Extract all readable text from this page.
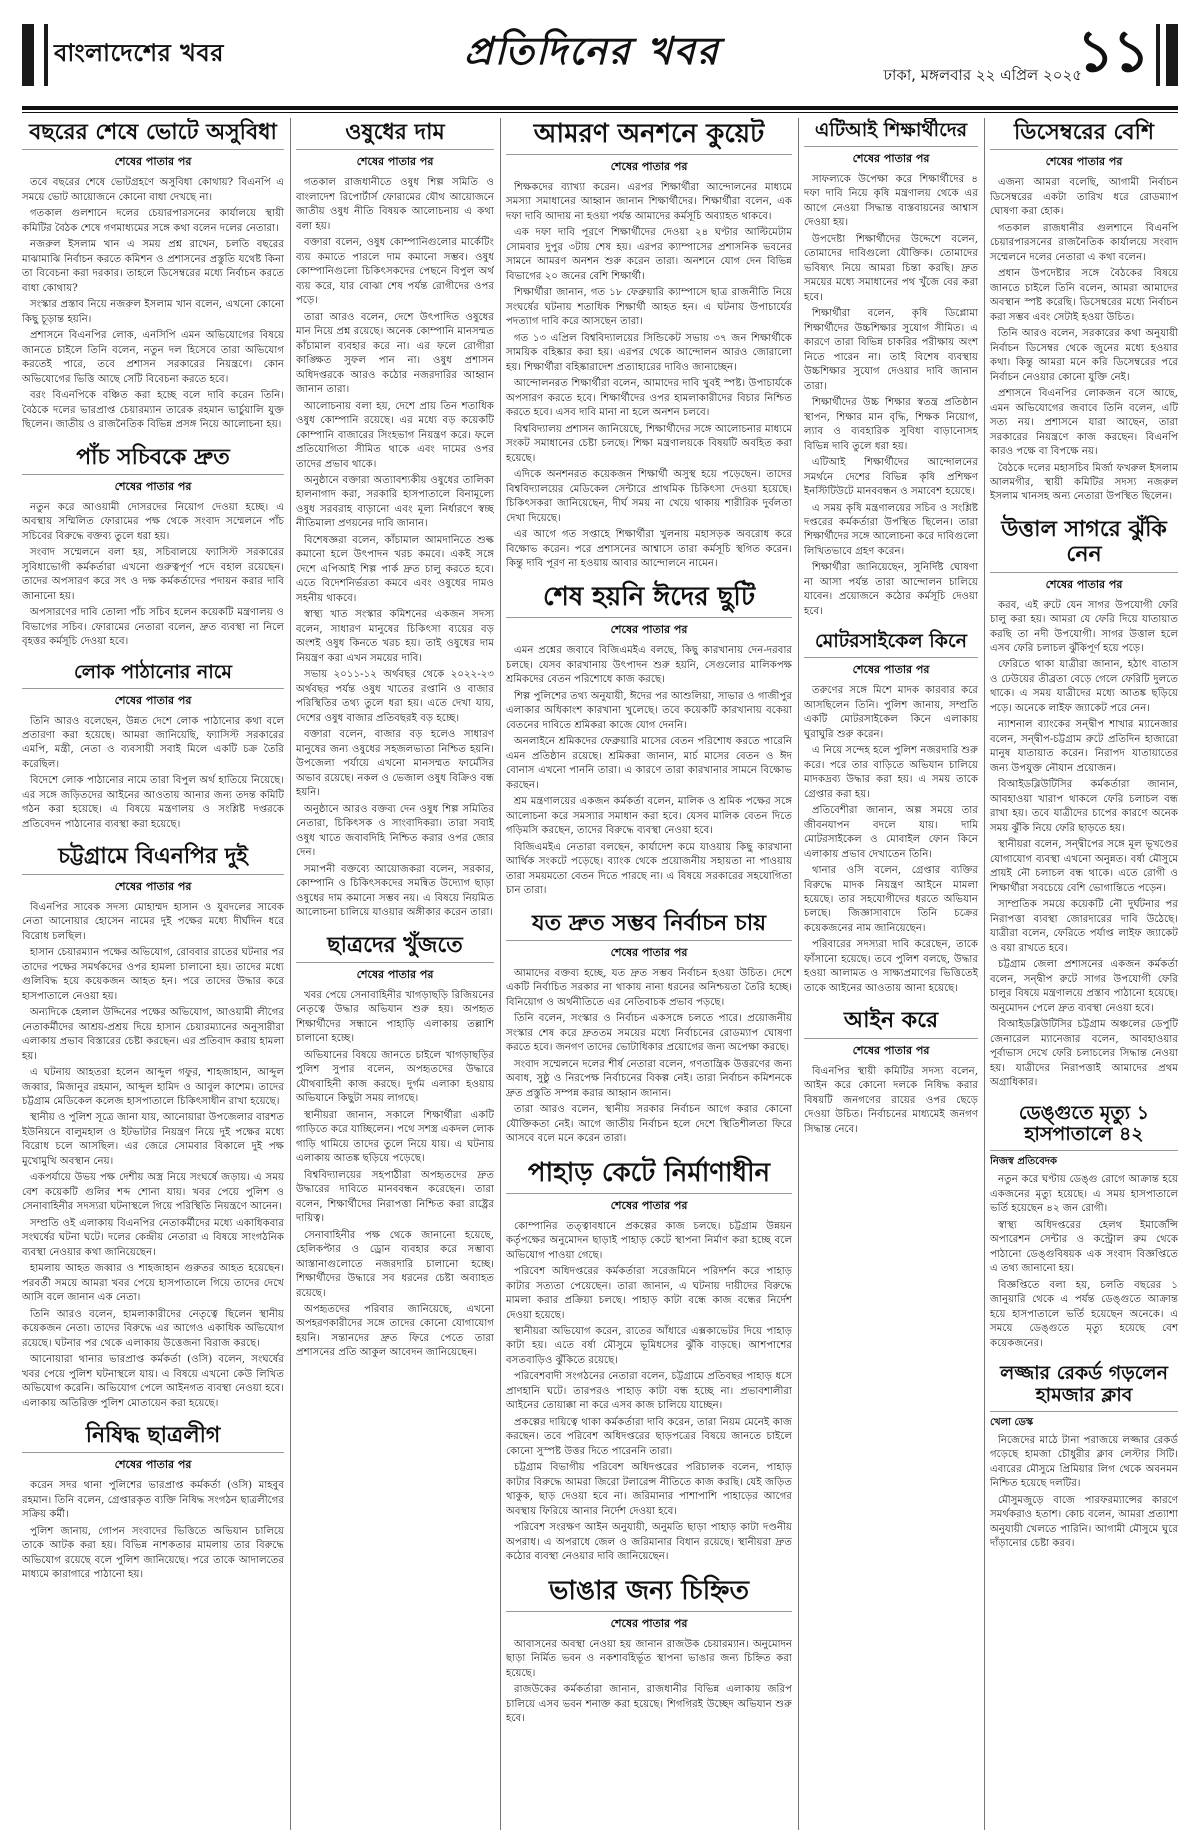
বাংলাদেশের খবর	প্রতিদিনের খবর
ঢাকা, মঙ্গলবার ২২ এপ্রিল ২০২৫
১১
বছরের শেষে ভোটে অসুবিধা
শেষের পাতার পর

তবে বছরের শেষে ভোটগ্রহণে অসুবিধা কোথায়? বিএনপি এ সময়ে ভোট আয়োজনে কোনো বাধা দেখছে না।

গতকাল গুলশানে দলের চেয়ারপারসনের কার্যালয়ে স্থায়ী কমিটির বৈঠক শেষে গণমাধ্যমের সঙ্গে কথা বলেন দলের নেতারা।

নজরুল ইসলাম খান এ সময় প্রশ্ন রাখেন, চলতি বছরের মাঝামাঝি নির্বাচন করতে কমিশন ও প্রশাসনের প্রস্তুতি যথেষ্ট কিনা তা বিবেচনা করা দরকার। তাহলে ডিসেম্বরের মধ্যে নির্বাচন করতে বাধা কোথায়?

সংস্কার প্রস্তাব নিয়ে নজরুল ইসলাম খান বলেন, এখনো কোনো কিছু চূড়ান্ত হয়নি।

প্রশাসনে বিএনপির লোক, এনসিপি এমন অভিযোগের বিষয়ে জানতে চাইলে তিনি বলেন, নতুন দল হিসেবে তারা অভিযোগ করতেই পারে, তবে প্রশাসন সরকারের নিয়ন্ত্রণে। কোন অভিযোগের ভিত্তি আছে সেটি বিবেচনা করতে হবে।

বরং বিএনপিকে বঞ্চিত করা হচ্ছে বলে দাবি করেন তিনি। বৈঠকে দলের ভারপ্রাপ্ত চেয়ারম্যান তারেক রহমান ভার্চুয়ালি যুক্ত ছিলেন। জাতীয় ও রাজনৈতিক বিভিন্ন প্রসঙ্গ নিয়ে আলোচনা হয়।

পাঁচ সচিবকে দ্রুত
শেষের পাতার পর

নতুন করে আওয়ামী দোসরদের নিয়োগ দেওয়া হচ্ছে। এ অবস্থায় সম্মিলিত ফোরামের পক্ষ থেকে সংবাদ সম্মেলনে পাঁচ সচিবের বিরুদ্ধে বক্তব্য তুলে ধরা হয়।

সংবাদ সম্মেলনে বলা হয়, সচিবালয়ে ফ্যাসিস্ট সরকারের সুবিধাভোগী কর্মকর্তারা এখনো গুরুত্বপূর্ণ পদে বহাল রয়েছেন। তাদের অপসারণ করে সৎ ও দক্ষ কর্মকর্তাদের পদায়ন করার দাবি জানানো হয়।

অপসারণের দাবি তোলা পাঁচ সচিব হলেন কয়েকটি মন্ত্রণালয় ও বিভাগের সচিব। ফোরামের নেতারা বলেন, দ্রুত ব্যবস্থা না নিলে বৃহত্তর কর্মসূচি দেওয়া হবে।

লোক পাঠানোর নামে
শেষের পাতার পর

তিনি আরও বলেছেন, উন্নত দেশে লোক পাঠানোর কথা বলে প্রতারণা করা হয়েছে। আমরা জানিয়েছি, ফ্যাসিস্ট সরকারের এমপি, মন্ত্রী, নেতা ও ব্যবসায়ী সবাই মিলে একটি চক্র তৈরি করেছিল।

বিদেশে লোক পাঠানোর নামে তারা বিপুল অর্থ হাতিয়ে নিয়েছে। এর সঙ্গে জড়িতদের আইনের আওতায় আনার জন্য তদন্ত কমিটি গঠন করা হয়েছে। এ বিষয়ে মন্ত্রণালয় ও সংশ্লিষ্ট দপ্তরকে প্রতিবেদন পাঠানোর ব্যবস্থা করা হয়েছে।

চট্টগ্রামে বিএনপির দুই
শেষের পাতার পর

বিএনপির সাবেক সদস্য মোহাম্মদ হাসান ও যুবদলের সাবেক নেতা আনোয়ার হোসেন নামের দুই পক্ষের মধ্যে দীর্ঘদিন ধরে বিরোধ চলছিল।

হাসান চেয়ারম্যান পক্ষের অভিযোগ, রোববার রাতের ঘটনার পর তাদের পক্ষের সমর্থকদের ওপর হামলা চালানো হয়। তাদের মধ্যে গুলিবিদ্ধ হয়ে কয়েকজন আহত হন। পরে তাদের উদ্ধার করে হাসপাতালে নেওয়া হয়।

অন্যদিকে হেলাল উদ্দিনের পক্ষের অভিযোগ, আওয়ামী লীগের নেতাকর্মীদের আশ্রয়-প্রশ্রয় দিয়ে হাসান চেয়ারম্যানের অনুসারীরা এলাকায় প্রভাব বিস্তারের চেষ্টা করছেন। এর প্রতিবাদ করায় হামলা হয়।

এ ঘটনায় আহতরা হলেন আব্দুল গফুর, শাহজাহান, আব্দুল জব্বার, মিজানুর রহমান, আব্দুল হামিদ ও আবুল কাশেম। তাদের চট্টগ্রাম মেডিকেল কলেজ হাসপাতালে চিকিৎসাধীন রাখা হয়েছে।

স্থানীয় ও পুলিশ সূত্রে জানা যায়, আনোয়ারা উপজেলার বারশত ইউনিয়নে বালুমহাল ও ইটভাটার নিয়ন্ত্রণ নিয়ে দুই পক্ষের মধ্যে বিরোধ চলে আসছিল। এর জেরে সোমবার বিকালে দুই পক্ষ মুখোমুখি অবস্থান নেয়।

একপর্যায়ে উভয় পক্ষ দেশীয় অস্ত্র নিয়ে সংঘর্ষে জড়ায়। এ সময় বেশ কয়েকটি গুলির শব্দ শোনা যায়। খবর পেয়ে পুলিশ ও সেনাবাহিনীর সদস্যরা ঘটনাস্থলে গিয়ে পরিস্থিতি নিয়ন্ত্রণে আনেন।

সম্প্রতি ওই এলাকায় বিএনপির নেতাকর্মীদের মধ্যে একাধিকবার সংঘর্ষের ঘটনা ঘটে। দলের কেন্দ্রীয় নেতারা এ বিষয়ে সাংগঠনিক ব্যবস্থা নেওয়ার কথা জানিয়েছেন।

হামলায় আহত জব্বার ও শাহজাহান গুরুতর আহত হয়েছেন। পরবর্তী সময়ে আমরা খবর পেয়ে হাসপাতালে গিয়ে তাদের দেখে আসি বলে জানান এক নেতা।

তিনি আরও বলেন, হামলাকারীদের নেতৃত্বে ছিলেন স্থানীয় কয়েকজন নেতা। তাদের বিরুদ্ধে এর আগেও একাধিক অভিযোগ রয়েছে। ঘটনার পর থেকে এলাকায় উত্তেজনা বিরাজ করছে।

আনোয়ারা থানার ভারপ্রাপ্ত কর্মকর্তা (ওসি) বলেন, সংঘর্ষের খবর পেয়ে পুলিশ ঘটনাস্থলে যায়। এ বিষয়ে এখনো কেউ লিখিত অভিযোগ করেনি। অভিযোগ পেলে আইনগত ব্যবস্থা নেওয়া হবে। এলাকায় অতিরিক্ত পুলিশ মোতায়েন করা হয়েছে।

নিষিদ্ধ ছাত্রলীগ
শেষের পাতার পর

করেন সদর থানা পুলিশের ভারপ্রাপ্ত কর্মকর্তা (ওসি) মাহবুব রহমান। তিনি বলেন, গ্রেপ্তারকৃত ব্যক্তি নিষিদ্ধ সংগঠন ছাত্রলীগের সক্রিয় কর্মী।

পুলিশ জানায়, গোপন সংবাদের ভিত্তিতে অভিযান চালিয়ে তাকে আটক করা হয়। বিভিন্ন নাশকতার মামলায় তার বিরুদ্ধে অভিযোগ রয়েছে বলে পুলিশ জানিয়েছে। পরে তাকে আদালতের মাধ্যমে কারাগারে পাঠানো হয়।

ওষুধের দাম
শেষের পাতার পর

গতকাল রাজধানীতে ওষুধ শিল্প সমিতি ও বাংলাদেশ রিপোর্টার্স ফোরামের যৌথ আয়োজনে জাতীয় ওষুধ নীতি বিষয়ক আলোচনায় এ কথা বলা হয়।

বক্তারা বলেন, ওষুধ কোম্পানিগুলোর মার্কেটিং ব্যয় কমাতে পারলে দাম কমানো সম্ভব। ওষুধ কোম্পানিগুলো চিকিৎসকদের পেছনে বিপুল অর্থ ব্যয় করে, যার বোঝা শেষ পর্যন্ত রোগীদের ওপর পড়ে।

তারা আরও বলেন, দেশে উৎপাদিত ওষুধের মান নিয়ে প্রশ্ন রয়েছে। অনেক কোম্পানি মানসম্মত কাঁচামাল ব্যবহার করে না। এর ফলে রোগীরা কাঙ্ক্ষিত সুফল পান না। ওষুধ প্রশাসন অধিদপ্তরকে আরও কঠোর নজরদারির আহ্বান জানান তারা।

আলোচনায় বলা হয়, দেশে প্রায় তিন শতাধিক ওষুধ কোম্পানি রয়েছে। এর মধ্যে বড় কয়েকটি কোম্পানি বাজারের সিংহভাগ নিয়ন্ত্রণ করে। ফলে প্রতিযোগিতা সীমিত থাকে এবং দামের ওপর তাদের প্রভাব থাকে।

অনুষ্ঠানে বক্তারা অত্যাবশ্যকীয় ওষুধের তালিকা হালনাগাদ করা, সরকারি হাসপাতালে বিনামূল্যে ওষুধ সরবরাহ বাড়ানো এবং মূল্য নির্ধারণে স্বচ্ছ নীতিমালা প্রণয়নের দাবি জানান।

বিশেষজ্ঞরা বলেন, কাঁচামাল আমদানিতে শুল্ক কমানো হলে উৎপাদন খরচ কমবে। একই সঙ্গে দেশে এপিআই শিল্প পার্ক দ্রুত চালু করতে হবে। এতে বিদেশনির্ভরতা কমবে এবং ওষুধের দামও সহনীয় থাকবে।

স্বাস্থ্য খাত সংস্কার কমিশনের একজন সদস্য বলেন, সাধারণ মানুষের চিকিৎসা ব্যয়ের বড় অংশই ওষুধ কিনতে খরচ হয়। তাই ওষুধের দাম নিয়ন্ত্রণ করা এখন সময়ের দাবি।

সভায় ২০১১-১২ অর্থবছর থেকে ২০২২-২৩ অর্থবছর পর্যন্ত ওষুধ খাতের রপ্তানি ও বাজার পরিস্থিতির তথ্য তুলে ধরা হয়। এতে দেখা যায়, দেশের ওষুধ বাজার প্রতিবছরই বড় হচ্ছে।

বক্তারা বলেন, বাজার বড় হলেও সাধারণ মানুষের জন্য ওষুধের সহজলভ্যতা নিশ্চিত হয়নি। উপজেলা পর্যায়ে এখনো মানসম্মত ফার্মেসির অভাব রয়েছে। নকল ও ভেজাল ওষুধ বিক্রিও বন্ধ হয়নি।

অনুষ্ঠানে আরও বক্তব্য দেন ওষুধ শিল্প সমিতির নেতারা, চিকিৎসক ও সাংবাদিকরা। তারা সবাই ওষুধ খাতে জবাবদিহি নিশ্চিত করার ওপর জোর দেন।

সমাপনী বক্তব্যে আয়োজকরা বলেন, সরকার, কোম্পানি ও চিকিৎসকদের সমন্বিত উদ্যোগ ছাড়া ওষুধের দাম কমানো সম্ভব নয়। এ বিষয়ে নিয়মিত আলোচনা চালিয়ে যাওয়ার অঙ্গীকার করেন তারা।

ছাত্রদের খুঁজতে
শেষের পাতার পর

খবর পেয়ে সেনাবাহিনীর খাগড়াছড়ি রিজিয়নের নেতৃত্বে উদ্ধার অভিযান শুরু হয়। অপহৃত শিক্ষার্থীদের সন্ধানে পাহাড়ি এলাকায় তল্লাশি চালানো হচ্ছে।

অভিযানের বিষয়ে জানতে চাইলে খাগড়াছড়ির পুলিশ সুপার বলেন, অপহৃতদের উদ্ধারে যৌথবাহিনী কাজ করছে। দুর্গম এলাকা হওয়ায় অভিযানে কিছুটা সময় লাগছে।

স্থানীয়রা জানান, সকালে শিক্ষার্থীরা একটি গাড়িতে করে যাচ্ছিলেন। পথে সশস্ত্র একদল লোক গাড়ি থামিয়ে তাদের তুলে নিয়ে যায়। এ ঘটনায় এলাকায় আতঙ্ক ছড়িয়ে পড়েছে।

বিশ্ববিদ্যালয়ের সহপাঠীরা অপহৃতদের দ্রুত উদ্ধারের দাবিতে মানববন্ধন করেছেন। তারা বলেন, শিক্ষার্থীদের নিরাপত্তা নিশ্চিত করা রাষ্ট্রের দায়িত্ব।

সেনাবাহিনীর পক্ষ থেকে জানানো হয়েছে, হেলিকপ্টার ও ড্রোন ব্যবহার করে সম্ভাব্য আস্তানাগুলোতে নজরদারি চালানো হচ্ছে। শিক্ষার্থীদের উদ্ধারে সব ধরনের চেষ্টা অব্যাহত রয়েছে।

অপহৃতদের পরিবার জানিয়েছে, এখনো অপহরণকারীদের সঙ্গে তাদের কোনো যোগাযোগ হয়নি। সন্তানদের দ্রুত ফিরে পেতে তারা প্রশাসনের প্রতি আকুল আবেদন জানিয়েছেন।

আমরণ অনশনে কুয়েট
শেষের পাতার পর

শিক্ষকদের ব্যাখ্যা করেন। এরপর শিক্ষার্থীরা আন্দোলনের মাধ্যমে সমস্যা সমাধানের আহ্বান জানান শিক্ষার্থীদের। শিক্ষার্থীরা বলেন, এক দফা দাবি আদায় না হওয়া পর্যন্ত আমাদের কর্মসূচি অব্যাহত থাকবে।

এক দফা দাবি পূরণে শিক্ষার্থীদের দেওয়া ২৪ ঘণ্টার আল্টিমেটাম সোমবার দুপুর ৩টায় শেষ হয়। এরপর ক্যাম্পাসের প্রশাসনিক ভবনের সামনে আমরণ অনশন শুরু করেন তারা। অনশনে যোগ দেন বিভিন্ন বিভাগের ২০ জনের বেশি শিক্ষার্থী।

শিক্ষার্থীরা জানান, গত ১৮ ফেব্রুয়ারি ক্যাম্পাসে ছাত্র রাজনীতি নিয়ে সংঘর্ষের ঘটনায় শতাধিক শিক্ষার্থী আহত হন। এ ঘটনায় উপাচার্যের পদত্যাগ দাবি করে আসছেন তারা।

গত ১৩ এপ্রিল বিশ্ববিদ্যালয়ের সিন্ডিকেট সভায় ৩৭ জন শিক্ষার্থীকে সাময়িক বহিষ্কার করা হয়। এরপর থেকে আন্দোলন আরও জোরালো হয়। শিক্ষার্থীরা বহিষ্কারাদেশ প্রত্যাহারের দাবিও জানাচ্ছেন।

আন্দোলনরত শিক্ষার্থীরা বলেন, আমাদের দাবি খুবই স্পষ্ট। উপাচার্যকে অপসারণ করতে হবে। শিক্ষার্থীদের ওপর হামলাকারীদের বিচার নিশ্চিত করতে হবে। এসব দাবি মানা না হলে অনশন চলবে।

বিশ্ববিদ্যালয় প্রশাসন জানিয়েছে, শিক্ষার্থীদের সঙ্গে আলোচনার মাধ্যমে সংকট সমাধানের চেষ্টা চলছে। শিক্ষা মন্ত্রণালয়কে বিষয়টি অবহিত করা হয়েছে।

এদিকে অনশনরত কয়েকজন শিক্ষার্থী অসুস্থ হয়ে পড়েছেন। তাদের বিশ্ববিদ্যালয়ের মেডিকেল সেন্টারে প্রাথমিক চিকিৎসা দেওয়া হয়েছে। চিকিৎসকরা জানিয়েছেন, দীর্ঘ সময় না খেয়ে থাকায় শারীরিক দুর্বলতা দেখা দিয়েছে।

এর আগে গত সপ্তাহে শিক্ষার্থীরা খুলনায় মহাসড়ক অবরোধ করে বিক্ষোভ করেন। পরে প্রশাসনের আশ্বাসে তারা কর্মসূচি স্থগিত করেন। কিন্তু দাবি পূরণ না হওয়ায় আবার আন্দোলনে নামেন।

শেষ হয়নি ঈদের ছুটি
শেষের পাতার পর

এমন প্রশ্নের জবাবে বিজিএমইএ বলছে, কিছু কারখানায় দেন-দরবার চলছে। যেসব কারখানায় উৎপাদন শুরু হয়নি, সেগুলোর মালিকপক্ষ শ্রমিকদের বেতন পরিশোধে কাজ করছে।

শিল্প পুলিশের তথ্য অনুযায়ী, ঈদের পর আশুলিয়া, সাভার ও গাজীপুর এলাকার অধিকাংশ কারখানা খুলেছে। তবে কয়েকটি কারখানায় বকেয়া বেতনের দাবিতে শ্রমিকরা কাজে যোগ দেননি।

অনলাইনে শ্রমিকদের ফেব্রুয়ারি মাসের বেতন পরিশোধ করতে পারেনি এমন প্রতিষ্ঠান রয়েছে। শ্রমিকরা জানান, মার্চ মাসের বেতন ও ঈদ বোনাস এখনো পাননি তারা। এ কারণে তারা কারখানার সামনে বিক্ষোভ করছেন।

শ্রম মন্ত্রণালয়ের একজন কর্মকর্তা বলেন, মালিক ও শ্রমিক পক্ষের সঙ্গে আলোচনা করে সমস্যার সমাধান করা হবে। যেসব মালিক বেতন দিতে গড়িমসি করছেন, তাদের বিরুদ্ধে ব্যবস্থা নেওয়া হবে।

বিজিএমইএ নেতারা বলছেন, কার্যাদেশ কমে যাওয়ায় কিছু কারখানা আর্থিক সংকটে পড়েছে। ব্যাংক থেকে প্রয়োজনীয় সহায়তা না পাওয়ায় তারা সময়মতো বেতন দিতে পারছে না। এ বিষয়ে সরকারের সহযোগিতা চান তারা।

যত দ্রুত সম্ভব নির্বাচন চায়
শেষের পাতার পর

আমাদের বক্তব্য হচ্ছে, যত দ্রুত সম্ভব নির্বাচন হওয়া উচিত। দেশে একটি নির্বাচিত সরকার না থাকায় নানা ধরনের অনিশ্চয়তা তৈরি হচ্ছে। বিনিয়োগ ও অর্থনীতিতে এর নেতিবাচক প্রভাব পড়ছে।

তিনি বলেন, সংস্কার ও নির্বাচন একসঙ্গে চলতে পারে। প্রয়োজনীয় সংস্কার শেষ করে দ্রুততম সময়ের মধ্যে নির্বাচনের রোডম্যাপ ঘোষণা করতে হবে। জনগণ তাদের ভোটাধিকার প্রয়োগের জন্য অপেক্ষা করছে।

সংবাদ সম্মেলনে দলের শীর্ষ নেতারা বলেন, গণতান্ত্রিক উত্তরণের জন্য অবাধ, সুষ্ঠু ও নিরপেক্ষ নির্বাচনের বিকল্প নেই। তারা নির্বাচন কমিশনকে দ্রুত প্রস্তুতি সম্পন্ন করার আহ্বান জানান।

তারা আরও বলেন, স্থানীয় সরকার নির্বাচন আগে করার কোনো যৌক্তিকতা নেই। আগে জাতীয় নির্বাচন হলে দেশে স্থিতিশীলতা ফিরে আসবে বলে মনে করেন তারা।

পাহাড় কেটে নির্মাণাধীন
শেষের পাতার পর

কোম্পানির তত্ত্বাবধানে প্রকল্পের কাজ চলছে। চট্টগ্রাম উন্নয়ন কর্তৃপক্ষের অনুমোদন ছাড়াই পাহাড় কেটে স্থাপনা নির্মাণ করা হচ্ছে বলে অভিযোগ পাওয়া গেছে।

পরিবেশ অধিদপ্তরের কর্মকর্তারা সরেজমিনে পরিদর্শন করে পাহাড় কাটার সত্যতা পেয়েছেন। তারা জানান, এ ঘটনায় দায়ীদের বিরুদ্ধে মামলা করার প্রক্রিয়া চলছে। পাহাড় কাটা বন্ধে কাজ বন্ধের নির্দেশ দেওয়া হয়েছে।

স্থানীয়রা অভিযোগ করেন, রাতের আঁধারে এক্সকাভেটর দিয়ে পাহাড় কাটা হয়। এতে বর্ষা মৌসুমে ভূমিধসের ঝুঁকি বাড়ছে। আশপাশের বসতবাড়িও ঝুঁকিতে রয়েছে।

পরিবেশবাদী সংগঠনের নেতারা বলেন, চট্টগ্রামে প্রতিবছর পাহাড় ধসে প্রাণহানি ঘটে। তারপরও পাহাড় কাটা বন্ধ হচ্ছে না। প্রভাবশালীরা আইনের তোয়াক্কা না করে এসব কাজ চালিয়ে যাচ্ছেন।

প্রকল্পের দায়িত্বে থাকা কর্মকর্তারা দাবি করেন, তারা নিয়ম মেনেই কাজ করছেন। তবে পরিবেশ অধিদপ্তরের ছাড়পত্রের বিষয়ে জানতে চাইলে কোনো সুস্পষ্ট উত্তর দিতে পারেননি তারা।

চট্টগ্রাম বিভাগীয় পরিবেশ অধিদপ্তরের পরিচালক বলেন, পাহাড় কাটার বিরুদ্ধে আমরা জিরো টলারেন্স নীতিতে কাজ করছি। যেই জড়িত থাকুক, ছাড় দেওয়া হবে না। জরিমানার পাশাপাশি পাহাড়ের আগের অবস্থায় ফিরিয়ে আনার নির্দেশ দেওয়া হবে।

পরিবেশ সংরক্ষণ আইন অনুযায়ী, অনুমতি ছাড়া পাহাড় কাটা দণ্ডনীয় অপরাধ। এ অপরাধে জেল ও জরিমানার বিধান রয়েছে। স্থানীয়রা দ্রুত কঠোর ব্যবস্থা নেওয়ার দাবি জানিয়েছেন।

ভাঙার জন্য চিহ্নিত
শেষের পাতার পর

আবাসনের অবস্থা নেওয়া হয় জানান রাজউক চেয়ারম্যান। অনুমোদন ছাড়া নির্মিত ভবন ও নকশাবহির্ভূত স্থাপনা ভাঙার জন্য চিহ্নিত করা হয়েছে।

রাজউকের কর্মকর্তারা জানান, রাজধানীর বিভিন্ন এলাকায় জরিপ চালিয়ে এসব ভবন শনাক্ত করা হয়েছে। শিগগিরই উচ্ছেদ অভিযান শুরু হবে।

এটিআই শিক্ষার্থীদের
শেষের পাতার পর

সাফল্যকে উপেক্ষা করে শিক্ষার্থীদের ৪ দফা দাবি নিয়ে কৃষি মন্ত্রণালয় থেকে এর আগে নেওয়া সিদ্ধান্ত বাস্তবায়নের আশ্বাস দেওয়া হয়।

উপদেষ্টা শিক্ষার্থীদের উদ্দেশে বলেন, তোমাদের দাবিগুলো যৌক্তিক। তোমাদের ভবিষ্যৎ নিয়ে আমরা চিন্তা করছি। দ্রুত সময়ের মধ্যে সমাধানের পথ খুঁজে বের করা হবে।

শিক্ষার্থীরা বলেন, কৃষি ডিপ্লোমা শিক্ষার্থীদের উচ্চশিক্ষার সুযোগ সীমিত। এ কারণে তারা বিভিন্ন চাকরির পরীক্ষায় অংশ নিতে পারেন না। তাই বিশেষ ব্যবস্থায় উচ্চশিক্ষার সুযোগ দেওয়ার দাবি জানান তারা।

শিক্ষার্থীদের উচ্চ শিক্ষার স্বতন্ত্র প্রতিষ্ঠান স্থাপন, শিক্ষার মান বৃদ্ধি, শিক্ষক নিয়োগ, ল্যাব ও ব্যবহারিক সুবিধা বাড়ানোসহ বিভিন্ন দাবি তুলে ধরা হয়।

এটিআই শিক্ষার্থীদের আন্দোলনের সমর্থনে দেশের বিভিন্ন কৃষি প্রশিক্ষণ ইনস্টিটিউটে মানববন্ধন ও সমাবেশ হয়েছে।

এ সময় কৃষি মন্ত্রণালয়ের সচিব ও সংশ্লিষ্ট দপ্তরের কর্মকর্তারা উপস্থিত ছিলেন। তারা শিক্ষার্থীদের সঙ্গে আলোচনা করে দাবিগুলো লিখিতভাবে গ্রহণ করেন।

শিক্ষার্থীরা জানিয়েছেন, সুনির্দিষ্ট ঘোষণা না আসা পর্যন্ত তারা আন্দোলন চালিয়ে যাবেন। প্রয়োজনে কঠোর কর্মসূচি দেওয়া হবে।

মোটরসাইকেল কিনে
শেষের পাতার পর

তরুণের সঙ্গে মিশে মাদক কারবার করে আসছিলেন তিনি। পুলিশ জানায়, সম্প্রতি একটি মোটরসাইকেল কিনে এলাকায় ঘুরাঘুরি শুরু করেন।

এ নিয়ে সন্দেহ হলে পুলিশ নজরদারি শুরু করে। পরে তার বাড়িতে অভিযান চালিয়ে মাদকদ্রব্য উদ্ধার করা হয়। এ সময় তাকে গ্রেপ্তার করা হয়।

প্রতিবেশীরা জানান, অল্প সময়ে তার জীবনযাপন বদলে যায়। দামি মোটরসাইকেল ও মোবাইল ফোন কিনে এলাকায় প্রভাব দেখাতেন তিনি।

থানার ওসি বলেন, গ্রেপ্তার ব্যক্তির বিরুদ্ধে মাদক নিয়ন্ত্রণ আইনে মামলা হয়েছে। তার সহযোগীদের ধরতে অভিযান চলছে। জিজ্ঞাসাবাদে তিনি চক্রের কয়েকজনের নাম জানিয়েছেন।

পরিবারের সদস্যরা দাবি করেছেন, তাকে ফাঁসানো হয়েছে। তবে পুলিশ বলছে, উদ্ধার হওয়া আলামত ও সাক্ষ্যপ্রমাণের ভিত্তিতেই তাকে আইনের আওতায় আনা হয়েছে।

আইন করে
শেষের পাতার পর

বিএনপির স্থায়ী কমিটির সদস্য বলেন, আইন করে কোনো দলকে নিষিদ্ধ করার বিষয়টি জনগণের রায়ের ওপর ছেড়ে দেওয়া উচিত। নির্বাচনের মাধ্যমেই জনগণ সিদ্ধান্ত নেবে।

ডিসেম্বরের বেশি
শেষের পাতার পর

এজন্য আমরা বলেছি, আগামী নির্বাচন ডিসেম্বরের একটা তারিখ ধরে রোডম্যাপ ঘোষণা করা হোক।

গতকাল রাজধানীর গুলশানে বিএনপি চেয়ারপারসনের রাজনৈতিক কার্যালয়ে সংবাদ সম্মেলনে দলের নেতারা এ কথা বলেন।

প্রধান উপদেষ্টার সঙ্গে বৈঠকের বিষয়ে জানতে চাইলে তিনি বলেন, আমরা আমাদের অবস্থান স্পষ্ট করেছি। ডিসেম্বরের মধ্যে নির্বাচন করা সম্ভব এবং সেটাই হওয়া উচিত।

তিনি আরও বলেন, সরকারের কথা অনুযায়ী নির্বাচন ডিসেম্বর থেকে জুনের মধ্যে হওয়ার কথা। কিন্তু আমরা মনে করি ডিসেম্বরের পরে নির্বাচন নেওয়ার কোনো যুক্তি নেই।

প্রশাসনে বিএনপির লোকজন বসে আছে, এমন অভিযোগের জবাবে তিনি বলেন, এটি সত্য নয়। প্রশাসনে যারা আছেন, তারা সরকারের নিয়ন্ত্রণে কাজ করছেন। বিএনপি কারও পক্ষে বা বিপক্ষে নয়।

বৈঠকে দলের মহাসচিব মির্জা ফখরুল ইসলাম আলমগীর, স্থায়ী কমিটির সদস্য নজরুল ইসলাম খানসহ অন্য নেতারা উপস্থিত ছিলেন।

উত্তাল সাগরে ঝুঁকি নেন
শেষের পাতার পর

করব, এই রুটে যেন সাগর উপযোগী ফেরি চালু করা হয়। আমরা যে ফেরি দিয়ে যাতায়াত করছি তা নদী উপযোগী। সাগর উত্তাল হলে এসব ফেরি চলাচল ঝুঁকিপূর্ণ হয়ে পড়ে।

ফেরিতে থাকা যাত্রীরা জানান, হঠাৎ বাতাস ও ঢেউয়ের তীব্রতা বেড়ে গেলে ফেরিটি দুলতে থাকে। এ সময় যাত্রীদের মধ্যে আতঙ্ক ছড়িয়ে পড়ে। অনেকে লাইফ জ্যাকেট পরে নেন।

ন্যাশনাল ব্যাংকের সন্দ্বীপ শাখার ম্যানেজার বলেন, সন্দ্বীপ-চট্টগ্রাম রুটে প্রতিদিন হাজারো মানুষ যাতায়াত করেন। নিরাপদ যাতায়াতের জন্য উপযুক্ত নৌযান প্রয়োজন।

বিআইডব্লিউটিসির কর্মকর্তারা জানান, আবহাওয়া খারাপ থাকলে ফেরি চলাচল বন্ধ রাখা হয়। তবে যাত্রীদের চাপের কারণে অনেক সময় ঝুঁকি নিয়ে ফেরি ছাড়তে হয়।

স্থানীয়রা বলেন, সন্দ্বীপের সঙ্গে মূল ভূখণ্ডের যোগাযোগ ব্যবস্থা এখনো অনুন্নত। বর্ষা মৌসুমে প্রায়ই নৌ চলাচল বন্ধ থাকে। এতে রোগী ও শিক্ষার্থীরা সবচেয়ে বেশি ভোগান্তিতে পড়েন।

সাম্প্রতিক সময়ে কয়েকটি নৌ দুর্ঘটনার পর নিরাপত্তা ব্যবস্থা জোরদারের দাবি উঠেছে। যাত্রীরা বলেন, ফেরিতে পর্যাপ্ত লাইফ জ্যাকেট ও বয়া রাখতে হবে।

চট্টগ্রাম জেলা প্রশাসনের একজন কর্মকর্তা বলেন, সন্দ্বীপ রুটে সাগর উপযোগী ফেরি চালুর বিষয়ে মন্ত্রণালয়ে প্রস্তাব পাঠানো হয়েছে। অনুমোদন পেলে দ্রুত ব্যবস্থা নেওয়া হবে।

বিআইডব্লিউটিসির চট্টগ্রাম অঞ্চলের ডেপুটি জেনারেল ম্যানেজার বলেন, আবহাওয়ার পূর্বাভাস দেখে ফেরি চলাচলের সিদ্ধান্ত নেওয়া হয়। যাত্রীদের নিরাপত্তাই আমাদের প্রথম অগ্রাধিকার।

ডেঙ্গুতে মৃত্যু ১ হাসপাতালে ৪২
নিজস্ব প্রতিবেদক

নতুন করে ঘণ্টায় ডেঙ্গু রোগে আক্রান্ত হয়ে একজনের মৃত্যু হয়েছে। এ সময় হাসপাতালে ভর্তি হয়েছেন ৪২ জন রোগী।

স্বাস্থ্য অধিদপ্তরের হেলথ ইমার্জেন্সি অপারেশন সেন্টার ও কন্ট্রোল রুম থেকে পাঠানো ডেঙ্গুবিষয়ক এক সংবাদ বিজ্ঞপ্তিতে এ তথ্য জানানো হয়।

বিজ্ঞপ্তিতে বলা হয়, চলতি বছরের ১ জানুয়ারি থেকে এ পর্যন্ত ডেঙ্গুতে আক্রান্ত হয়ে হাসপাতালে ভর্তি হয়েছেন অনেকে। এ সময়ে ডেঙ্গুতে মৃত্যু হয়েছে বেশ কয়েকজনের।

লজ্জার রেকর্ড গড়লেন হামজার ক্লাব
খেলা ডেস্ক

নিজেদের মাঠে টানা পরাজয়ে লজ্জার রেকর্ড গড়েছে হামজা চৌধুরীর ক্লাব লেস্টার সিটি। এবারের মৌসুমে প্রিমিয়ার লিগ থেকে অবনমন নিশ্চিত হয়েছে দলটির।

মৌসুমজুড়ে বাজে পারফরম্যান্সের কারণে সমর্থকরাও হতাশ। কোচ বলেন, আমরা প্রত্যাশা অনুযায়ী খেলতে পারিনি। আগামী মৌসুমে ঘুরে দাঁড়ানোর চেষ্টা করব।
